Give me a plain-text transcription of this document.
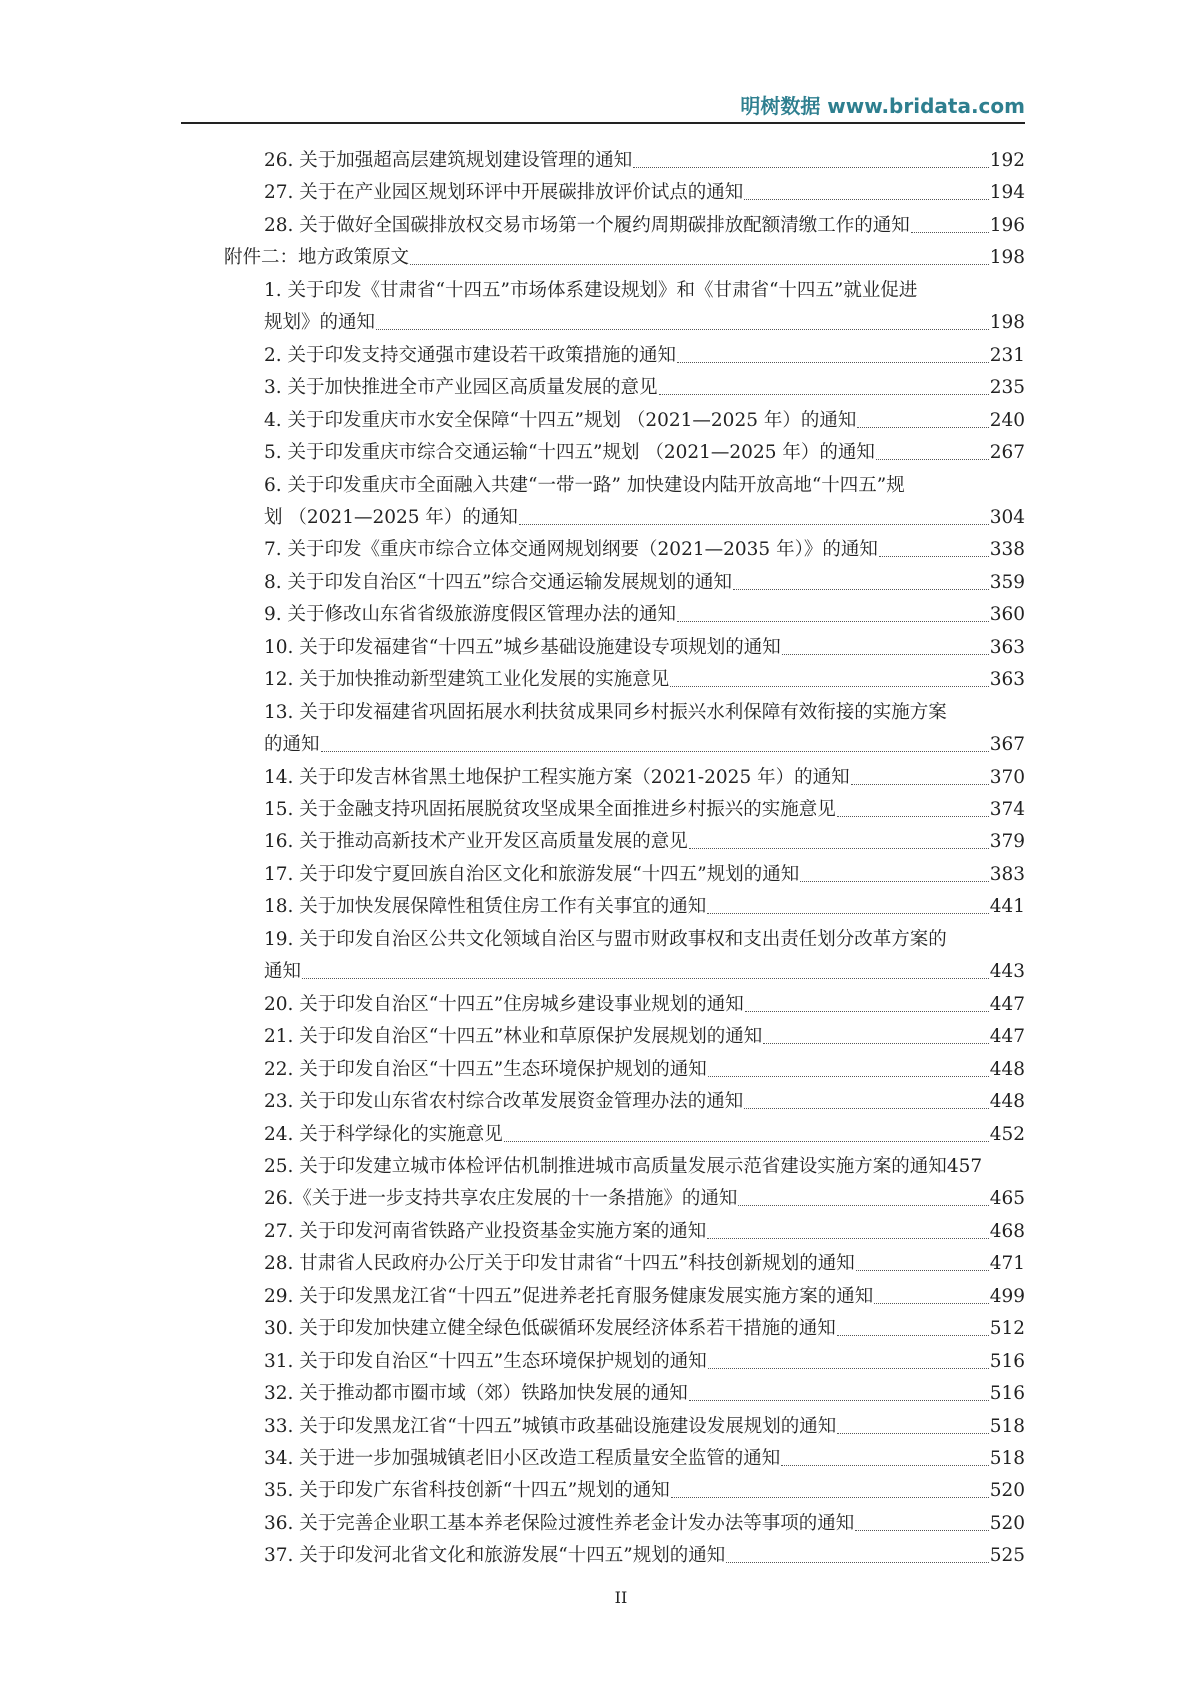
明树数据 www.bridata.com
26. 关于加强超高层建筑规划建设管理的通知	192
27. 关于在产业园区规划环评中开展碳排放评价试点的通知	194
28. 关于做好全国碳排放权交易市场第一个履约周期碳排放配额清缴工作的通知	196
附件二：地方政策原文	198
1. 关于印发《甘肃省“十四五”市场体系建设规划》和《甘肃省“十四五”就业促进
规划》的通知	198
2. 关于印发支持交通强市建设若干政策措施的通知	231
3. 关于加快推进全市产业园区高质量发展的意见	235
4. 关于印发重庆市水安全保障“十四五”规划 （2021—2025 年）的通知	240
5. 关于印发重庆市综合交通运输“十四五”规划 （2021—2025 年）的通知	267
6. 关于印发重庆市全面融入共建“一带一路” 加快建设内陆开放高地“十四五”规
划 （2021—2025 年）的通知	304
7. 关于印发《重庆市综合立体交通网规划纲要（2021—2035 年）》的通知	338
8. 关于印发自治区“十四五”综合交通运输发展规划的通知	359
9. 关于修改山东省省级旅游度假区管理办法的通知	360
10. 关于印发福建省“十四五”城乡基础设施建设专项规划的通知	363
12. 关于加快推动新型建筑工业化发展的实施意见	363
13. 关于印发福建省巩固拓展水利扶贫成果同乡村振兴水利保障有效衔接的实施方案
的通知	367
14. 关于印发吉林省黑土地保护工程实施方案（2021-2025 年）的通知	370
15. 关于金融支持巩固拓展脱贫攻坚成果全面推进乡村振兴的实施意见	374
16. 关于推动高新技术产业开发区高质量发展的意见	379
17. 关于印发宁夏回族自治区文化和旅游发展“十四五”规划的通知	383
18. 关于加快发展保障性租赁住房工作有关事宜的通知	441
19. 关于印发自治区公共文化领域自治区与盟市财政事权和支出责任划分改革方案的
通知	443
20. 关于印发自治区“十四五”住房城乡建设事业规划的通知	447
21. 关于印发自治区“十四五”林业和草原保护发展规划的通知	447
22. 关于印发自治区“十四五”生态环境保护规划的通知	448
23. 关于印发山东省农村综合改革发展资金管理办法的通知	448
24. 关于科学绿化的实施意见	452
25. 关于印发建立城市体检评估机制推进城市高质量发展示范省建设实施方案的通知 457
26.《关于进一步支持共享农庄发展的十一条措施》的通知	465
27. 关于印发河南省铁路产业投资基金实施方案的通知	468
28. 甘肃省人民政府办公厅关于印发甘肃省“十四五”科技创新规划的通知	471
29. 关于印发黑龙江省“十四五”促进养老托育服务健康发展实施方案的通知	499
30. 关于印发加快建立健全绿色低碳循环发展经济体系若干措施的通知	512
31. 关于印发自治区“十四五”生态环境保护规划的通知	516
32. 关于推动都市圈市域（郊）铁路加快发展的通知	516
33. 关于印发黑龙江省“十四五”城镇市政基础设施建设发展规划的通知	518
34. 关于进一步加强城镇老旧小区改造工程质量安全监管的通知	518
35. 关于印发广东省科技创新“十四五”规划的通知	520
36. 关于完善企业职工基本养老保险过渡性养老金计发办法等事项的通知	520
37. 关于印发河北省文化和旅游发展“十四五”规划的通知	525
II
